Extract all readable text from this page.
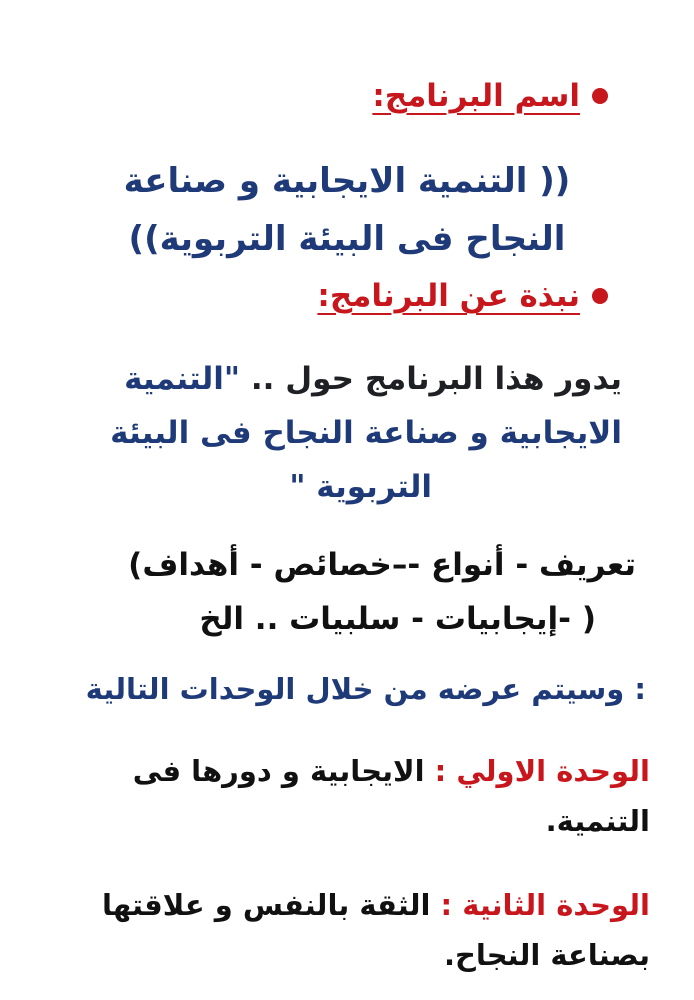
اسم البرنامج:
(( التنمية الايجابية و صناعة
النجاح فى البيئة التربوية))
نبذة عن البرنامج:
يدور هذا البرنامج حول .. "التنمية
الايجابية و صناعة النجاح فى البيئة
التربوية "
تعريف - أنواع -–خصائص - أهداف)
( -إيجابيات - سلبيات .. الخ
: وسيتم عرضه من خلال الوحدات التالية
الوحدة الاولي : الايجابية و دورها فى التنمية.
الوحدة الثانية : الثقة بالنفس و علاقتها بصناعة النجاح.
